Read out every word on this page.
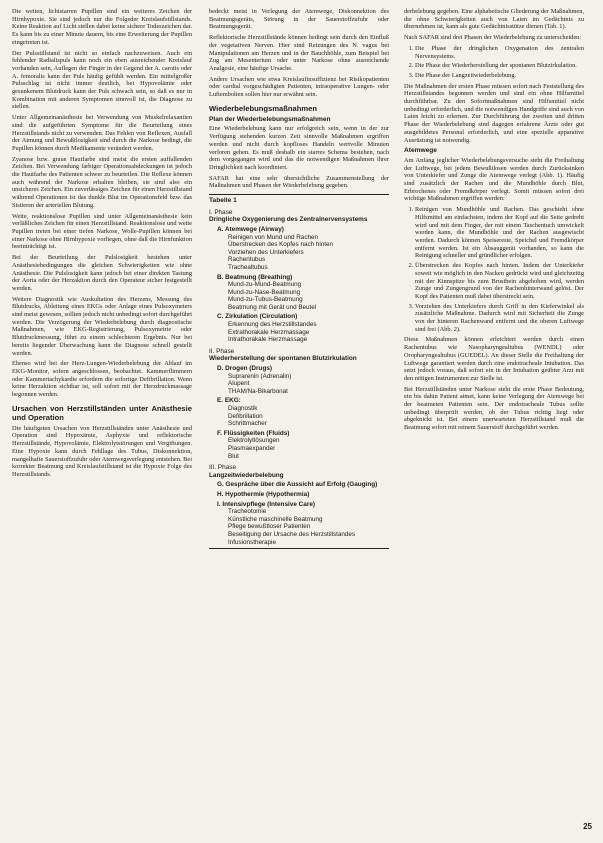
Die weiten, lichtstarren Pupillen sind ein weiteres Zeichen der Hirnhypoxie. Sie sind jedoch nur die Folgeder Kreislaufstillstands. Keine Reaktion auf Licht stellen dabei keine sichere Todeszeichen dar. Es kann bis zu einer Minute dauern, bis eine Erweiterung der Pupillen eingetreten ist.

Der Pulsstillstand ist nicht so einfach nachzuweisen. Auch ein fehlender Radialispuls kann noch ein eben ausreichender Kreislauf vorhanden sein, Auflegen der Finger in der Gegend der A. carotis oder A. femoralis kann der Puls häufig gefühlt werden. Ein mittelgroßer Pulsschlag ist nicht immer deutlich, bei Hypovolämie oder gesunkenem Blutdruck kann der Puls schwach sein, so daß es nur in Kombination mit anderen Symptomen sinnvoll ist, die Diagnose zu stellen.

Unter Allgemeinanästhesie bei Verwendung von Muskelrelaxantien sind die aufgeführten Symptome für die Beurteilung eines Herzstillstands nicht zu verwenden. Das Fehlen von Reflexen, Ausfall der Atmung und Bewußtlosigkeit sind durch die Narkose bedingt, die Pupillen können durch Medikamente verändert werden.

Zyanose bzw. graue Hautfarbe sind meist die ersten auffallenden Zeichen. Bei Verwendung farbiger Operationsabdeckungen ist jedoch die Hautfarbe des Patienten schwer zu beurteilen. Die Reflexe können auch während der Narkose erhalten bleiben, sie sind also ein unsicheres Zeichen. Ein zuverlässiges Zeichen für einen Herzstillstand während Operationen ist das dunkle Blut im Operationsfeld bzw. das Sistieren der arteriellen Blutung.

Weite, reaktionslose Pupillen sind unter Allgemeinanästhesie kein verläßliches Zeichen für einen Herzstillstand. Reaktionslose und weite Pupillen treten bei einer tiefen Narkose, Wolle-Pupillen können bei einer Narkose ohne Hirnhypoxie vorliegen, ohne daß die Hirnfunktion beeinträchtigt ist.

Bei der Beurteilung der Pulslosigkeit bestehen unter Anästhesiebedingungen die gleichen Schwierigkeiten wie ohne Anästhesie. Die Pulslosigkeit kann jedoch bei einer direkten Tastung der Aorta oder der Herzaktion durch den Operateur sicher festgestellt werden.

Weitere Diagnostik wie Auskultation des Herzens, Messung des Blutdrucks, Ableitung eines EKGs oder Anlage eines Pulsoxymeters sind meist gewesen, sollten jedoch nicht unbedingt sofort durchgeführt werden. Die Verzögerung der Wiederbelebung durch diagnostische Maßnahmen, wie EKG-Registrierung, Pulsoxymetrie oder Blutdruckmessung, führt zu einem schlechteren Ergebnis. Nur bei bereits liegender Überwachung kann die Diagnose schnell gestellt werden.

Ebenso wird bei der Herz-Lungen-Wiederbelebung der Ablauf im EKG-Monitor, sofern angeschlossen, beobachtet. Kammerflimmern oder Kammertachykardie erfordern die sofortige Defibrillation. Wenn keine Herzaktion sichtbar ist, soll sofort mit der Herzdruckmassage begonnen werden.

Ursachen von Herzstillständen unter Anästhesie und Operation

Die häufigsten Ursachen von Herzstillständen unter Anästhesie und Operation sind Hypoxämie, Asphyxie und reflektorische Herzstillstände, Hypovolämie, Elektrolytstörungen und Vergiftungen. Eine Hypoxie kann durch Fehllage des Tubus, Diskonnektion, mangelhafte Sauerstoffzufuhr oder Atemwegsverlegung entstehen. Bei korrekter Beatmung und Kreislaufstillstand ist die Hypoxie Folge des Herzstillstands.

bedeckt meist in Verlegung der Atemwege, Diskonnektion des Beatmungsgeräts, Störung in der Sauerstoffzufuhr oder Beatmungsgerät.

Reflektorische Herzstillstände können bedingt sein durch den Einfluß der vegetativen Nerven. Hier sind Reizungen des N. vagus bei Manipulationen am Herzen und in der Bauchhöhle, zum Beispiel bei Zug am Mesenterium oder unter Narkose ohne ausreichende Analgesie, eine häufige Ursache.

Andere Ursachen wie etwa Kreislaufinsuffizienz bei Risikopatienten oder cardial vorgeschädigten Patienten, intraoperative Lungen- oder Luftembolien sollen hier nur erwähnt sein.

Wiederbelebungsmaßnahmen
Plan der Wiederbelebungsmaßnahmen

Eine Wiederbelebung kann nur erfolgreich sein, wenn in der zur Verfügung stehenden kurzen Zeit sinnvolle Maßnahmen ergriffen werden und nicht durch kopfloses Handeln wertvolle Minuten verloren gehen. Es muß deshalb ein starres Schema bestehen, nach dem vorgegangen wird und das die notwendigen Maßnahmen ihrer Dringlichkeit nach koordiniert.

SAFAR hat eine sehr übersichtliche Zusammenstellung der Maßnahmen und Phasen der Wiederbelebung gegeben.

Tabelle 1
I. Phase
Dringliche Oxygenierung des Zentralnervensystems
A. Atemwege (Airway)
Reinigen von Mund und Rachen
Überstrecken des Kopfes nach hinten
Vorziehen des Unterkiefers
Rachentubus
Trachealtubus
B. Beatmung (Breathing)
Mund-zu-Mund-Beatmung
Mund-zu-Nase-Beatmung
Mund-zu-Tubus-Beatmung
Beatmung mit Gerät und Beutel
C. Zirkulation (Circulation)
Erkennung des Herzstillstandes
Extrathorakale Herzmassage
Intrathorakale Herzmassage
II. Phase
Wiederherstellung der spontanen Blutzirkulation
D. Drogen (Drugs)
Suprarenin (Adrenalin)
Alupent
THAM/Na-Bikarbonat
E. EKG:
Diagnostik
Defibrillation
Schrittmacher
F. Flüssigkeiten (Fluids)
Elektrolytlösungen
Plasmaexpander
Blut
III. Phase
Langzeitwiederbelebung
G. Gespräche über die Aussicht auf Erfolg (Gauging)
H. Hypothermie (Hypothermia)
I. Intensivpflege (Intensive Care)
Tracheotomie
Künstliche maschinelle Beatmung
Pflege bewußtloser Patienten
Beseitigung der Ursache des Herzstillstandes
Infusionstherapie

derbelebung gegeben. Eine alphabetische Gliederung der Maßnahmen, die ohne Schwierigkeiten auch von Laien im Gedächtnis zu übernehmen ist, kann als gute Gedächtnisstütze dienen (Tab. 1).

Nach SAFAR sind drei Phasen der Wiederbelebung zu unterscheiden:

1. Die Phase der dringlichen Oxygenation des zentralen Nervensystems.
2. Die Phase der Wiederherstellung der spontanen Blutzirkulation.
3. Die Phase der Langzeitwiederbelebung.

Die Maßnahmen der ersten Phase müssen sofort nach Feststellung des Herzstillstandes begonnen werden und sind ein ohne Hilfsmittel durchführbar. Zu den Sofortmaßnahmen sind Hilfsmittel nicht unbedingt erforderlich, und die notwendigen Handgriffe sind auch von Laien leicht zu erlernen. Zur Durchführung der zweiten und dritten Phase der Wiederbelebung sind dagegen erfahrene Ärzte oder gut ausgebildetes Personal erforderlich, und eine spezielle apparative Ausrüstung ist notwendig.

Atemwege

Am Anfang jeglicher Wiederbelebungsversuche steht die Freihaltung der Luftwege, bei jedem Bewußtlosen werden durch Zurücksinken von Unterkiefer und Zunge die Atemwege verlegt (Abb. 1). Häufig sind zusätzlich der Rachen und die Mundhöhle durch Blut, Erbrochenes oder Fremdkörper verlegt. Somit müssen sofort drei wichtige Maßnahmen ergriffen werden:

1. Reinigen von Mundhöhle und Rachen. Das geschieht ohne Hilfsmittel am einfachsten, indem der Kopf auf die Seite gedreht wird und mit dem Finger, der mit einem Taschentuch umwickelt werden kann, die Mundhöhle und der Rachen ausgewischt werden. Dadurch können Speisereste, Speichel und Fremdkörper entfernt werden. Ist ein Absauggerät vorhanden, so kann die Reinigung schneller und gründlicher erfolgen.
2. Überstrecken des Kopfes nach hinten. Indem der Unterkiefer soweit wie möglich in den Nacken gedrückt wird und gleichzeitig mit der Kinnspitze bis zum Brustbein abgehoben wird, werden Zunge und Zungengrund von der Rachenhinterwand gelöst. Der Kopf des Patienten muß dabei überstreckt sein.
3. Vorziehen des Unterkiefers durch Griff in den Kieferwinkel als zusätzliche Maßnahme. Dadurch wird mit Sicherheit die Zunge von der hinteren Rachenwand entfernt und die oberen Luftwege sind frei (Abb. 2).

Diese Maßnahmen können erleichtert werden durch einen Rachentubus wie Nasopharyngealtubus (WENDL) oder Oropharyngealtubus (GUEDEL). An dieser Stelle die Freihaltung der Luftwege garantiert werden durch eine endotracheale Intubation. Das setzt jedoch voraus, daß sofort ein in der Intubation geübter Arzt mit den nötigen Instrumenten zur Stelle ist.

Bei Herzstillständen unter Narkose steht die erste Phase Bedeutung, ein bis dahin Patient atmet, kann keine Verlegung der Atemwege bei der beatmeten Patienten sein. Der endotracheale Tubus sollte unbedingt überprüft werden, ob der Tubus richtig liegt oder abgeknickt ist. Bei einem unerwarteten Herzstillstand muß die Beatmung sofort mit reinem Sauerstoff durchgeführt werden.

25
